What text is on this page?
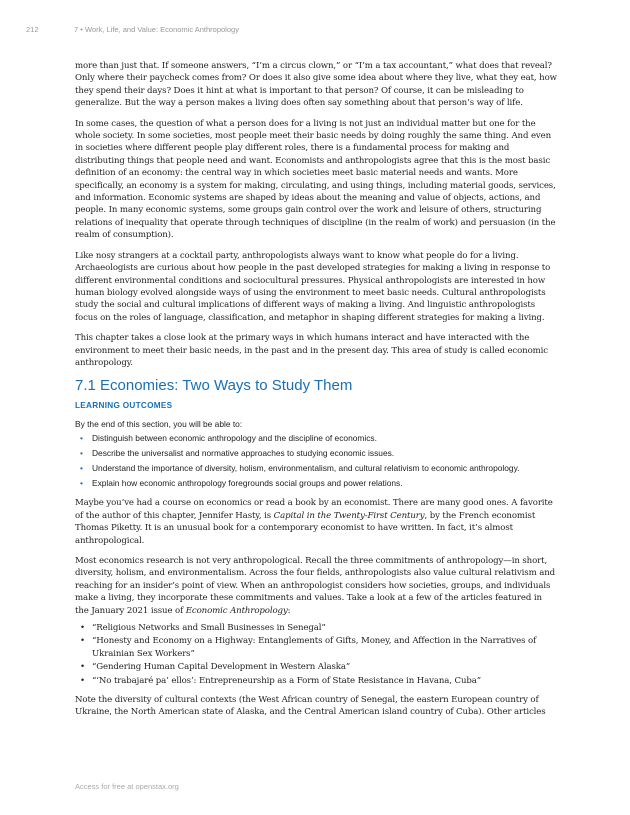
212	7 • Work, Life, and Value: Economic Anthropology

more than just that. If someone answers, “I’m a circus clown,” or “I’m a tax accountant,” what does that reveal? Only where their paycheck comes from? Or does it also give some idea about where they live, what they eat, how they spend their days? Does it hint at what is important to that person? Of course, it can be misleading to generalize. But the way a person makes a living does often say something about that person’s way of life.

In some cases, the question of what a person does for a living is not just an individual matter but one for the whole society. In some societies, most people meet their basic needs by doing roughly the same thing. And even in societies where different people play different roles, there is a fundamental process for making and distributing things that people need and want. Economists and anthropologists agree that this is the most basic definition of an economy: the central way in which societies meet basic material needs and wants. More specifically, an economy is a system for making, circulating, and using things, including material goods, services, and information. Economic systems are shaped by ideas about the meaning and value of objects, actions, and people. In many economic systems, some groups gain control over the work and leisure of others, structuring relations of inequality that operate through techniques of discipline (in the realm of work) and persuasion (in the realm of consumption).

Like nosy strangers at a cocktail party, anthropologists always want to know what people do for a living. Archaeologists are curious about how people in the past developed strategies for making a living in response to different environmental conditions and sociocultural pressures. Physical anthropologists are interested in how human biology evolved alongside ways of using the environment to meet basic needs. Cultural anthropologists study the social and cultural implications of different ways of making a living. And linguistic anthropologists focus on the roles of language, classification, and metaphor in shaping different strategies for making a living.

This chapter takes a close look at the primary ways in which humans interact and have interacted with the environment to meet their basic needs, in the past and in the present day. This area of study is called economic anthropology.

7.1 Economies: Two Ways to Study Them
LEARNING OUTCOMES

By the end of this section, you will be able to:

• Distinguish between economic anthropology and the discipline of economics.
• Describe the universalist and normative approaches to studying economic issues.
• Understand the importance of diversity, holism, environmentalism, and cultural relativism to economic anthropology.
• Explain how economic anthropology foregrounds social groups and power relations.

Maybe you’ve had a course on economics or read a book by an economist. There are many good ones. A favorite of the author of this chapter, Jennifer Hasty, is Capital in the Twenty-First Century, by the French economist Thomas Piketty. It is an unusual book for a contemporary economist to have written. In fact, it’s almost anthropological.

Most economics research is not very anthropological. Recall the three commitments of anthropology—in short, diversity, holism, and environmentalism. Across the four fields, anthropologists also value cultural relativism and reaching for an insider’s point of view. When an anthropologist considers how societies, groups, and individuals make a living, they incorporate these commitments and values. Take a look at a few of the articles featured in the January 2021 issue of Economic Anthropology:

• “Religious Networks and Small Businesses in Senegal”
• “Honesty and Economy on a Highway: Entanglements of Gifts, Money, and Affection in the Narratives of Ukrainian Sex Workers”
• “Gendering Human Capital Development in Western Alaska”
• “‘No trabajaré pa’ ellos’: Entrepreneurship as a Form of State Resistance in Havana, Cuba”

Note the diversity of cultural contexts (the West African country of Senegal, the eastern European country of Ukraine, the North American state of Alaska, and the Central American island country of Cuba). Other articles

Access for free at openstax.org
